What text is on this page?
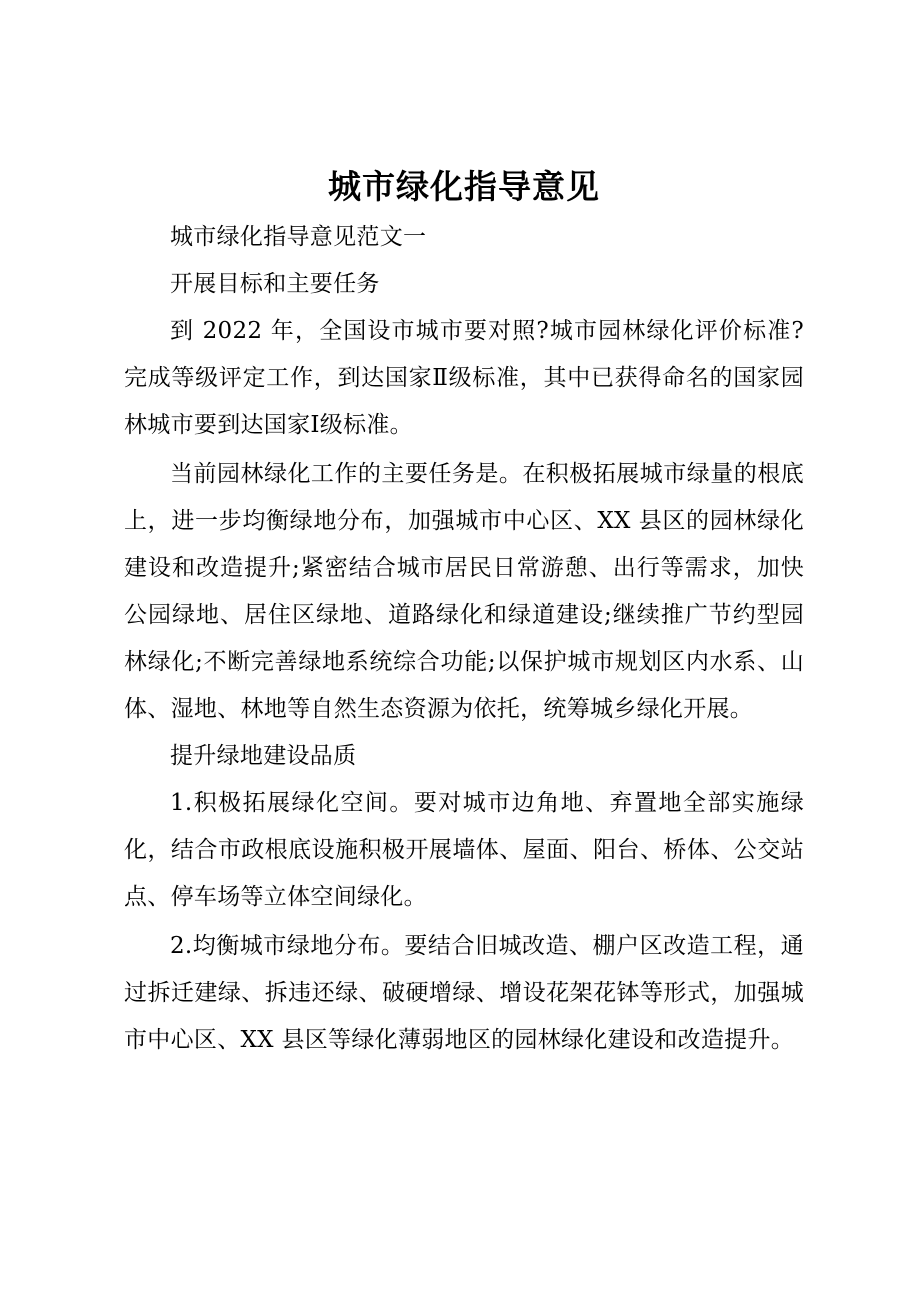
城市绿化指导意见

城市绿化指导意见范文一

开展目标和主要任务

到 2022 年，全国设市城市要对照?城市园林绿化评价标准?完成等级评定工作，到达国家Ⅱ级标准，其中已获得命名的国家园林城市要到达国家Ⅰ级标准。

当前园林绿化工作的主要任务是。在积极拓展城市绿量的根底上，进一步均衡绿地分布，加强城市中心区、XX 县区的园林绿化建设和改造提升;紧密结合城市居民日常游憩、出行等需求，加快公园绿地、居住区绿地、道路绿化和绿道建设;继续推广节约型园林绿化;不断完善绿地系统综合功能;以保护城市规划区内水系、山体、湿地、林地等自然生态资源为依托，统筹城乡绿化开展。

提升绿地建设品质

1.积极拓展绿化空间。要对城市边角地、弃置地全部实施绿化，结合市政根底设施积极开展墙体、屋面、阳台、桥体、公交站点、停车场等立体空间绿化。

2.均衡城市绿地分布。要结合旧城改造、棚户区改造工程，通过拆迁建绿、拆违还绿、破硬增绿、增设花架花钵等形式，加强城市中心区、XX 县区等绿化薄弱地区的园林绿化建设和改造提升。
